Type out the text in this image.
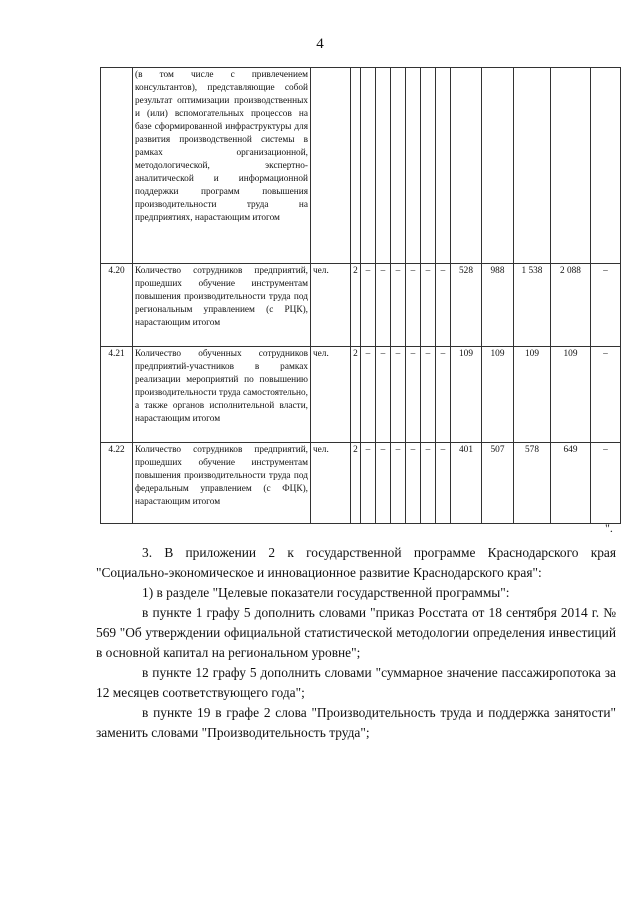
4
	(в том числе с привлечением консультантов), представляющие собой результат оптимизации производственных и (или) вспомогательных процессов на базе сформированной инфраструктуры для развития производственной системы в рамках организационной, методологической, экспертно-аналитической и информационной поддержки программ повышения производительности труда на предприятиях, нарастающим итогом													
4.20	Количество сотрудников предприятий, прошедших обучение инструментам повышения производительности труда под региональным управлением (с РЦК), нарастающим итогом	чел.	2	–	–	–	–	–	–	528	988	1 538	2 088	–
4.21	Количество обученных сотрудников предприятий-участников в рамках реализации мероприятий по повышению производительности труда самостоятельно, а также органов исполнительной власти, нарастающим итогом	чел.	2	–	–	–	–	–	–	109	109	109	109	–
4.22	Количество сотрудников предприятий, прошедших обучение инструментам повышения производительности труда под федеральным управлением (с ФЦК), нарастающим итогом	чел.	2	–	–	–	–	–	–	401	507	578	649	–
".

3. В приложении 2 к государственной программе Краснодарского края "Социально-экономическое и инновационное развитие Краснодарского края":

1) в разделе "Целевые показатели государственной программы":

в пункте 1 графу 5 дополнить словами "приказ Росстата от 18 сентября 2014 г. № 569 "Об утверждении официальной статистической методологии определения инвестиций в основной капитал на региональном уровне";

в пункте 12 графу 5 дополнить словами "суммарное значение пассажиропотока за 12 месяцев соответствующего года";

в пункте 19 в графе 2 слова "Производительность труда и поддержка занятости" заменить словами "Производительность труда";
